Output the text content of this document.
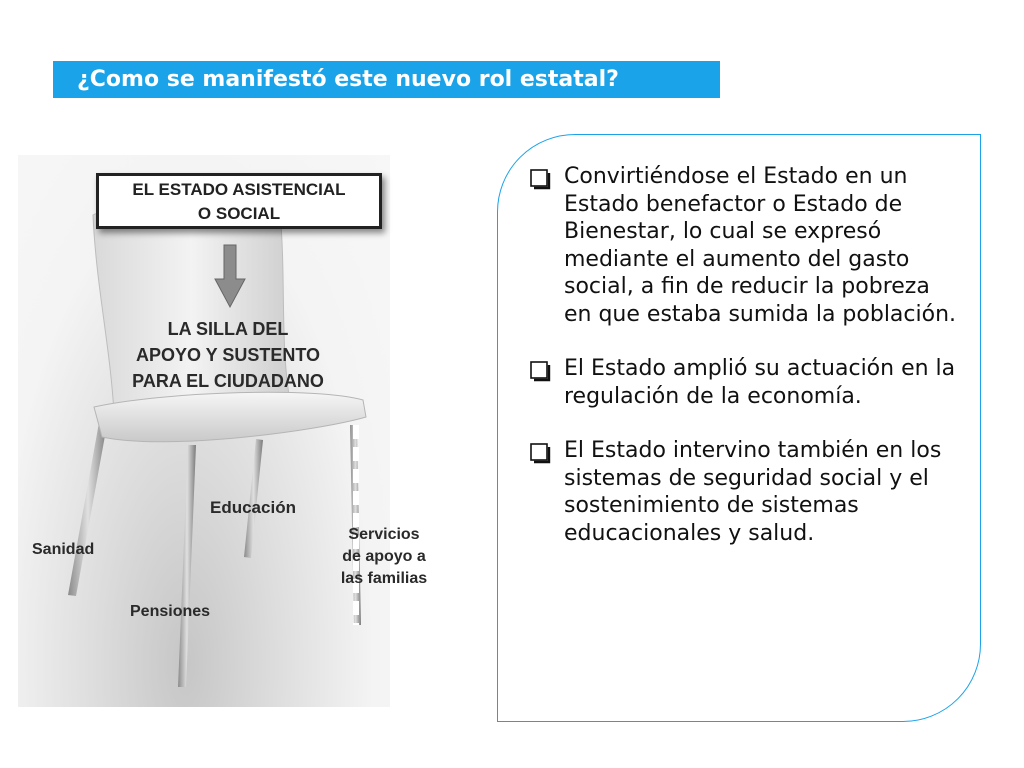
¿Como se manifestó este nuevo rol estatal?
EL ESTADO ASISTENCIAL
O SOCIAL
LA SILLA DEL
APOYO Y SUSTENTO
PARA EL CIUDADANO
Educación
Sanidad
Pensiones
Servicios
de apoyo a
las familias
Convirtiéndose el Estado en un Estado benefactor o Estado de Bienestar, lo cual se expresó mediante el aumento del gasto social, a fin de reducir la pobreza en que estaba sumida la población.
El Estado amplió su actuación en la regulación de la economía.
El Estado intervino también en los sistemas de seguridad social y el sostenimiento de sistemas educacionales y salud.
